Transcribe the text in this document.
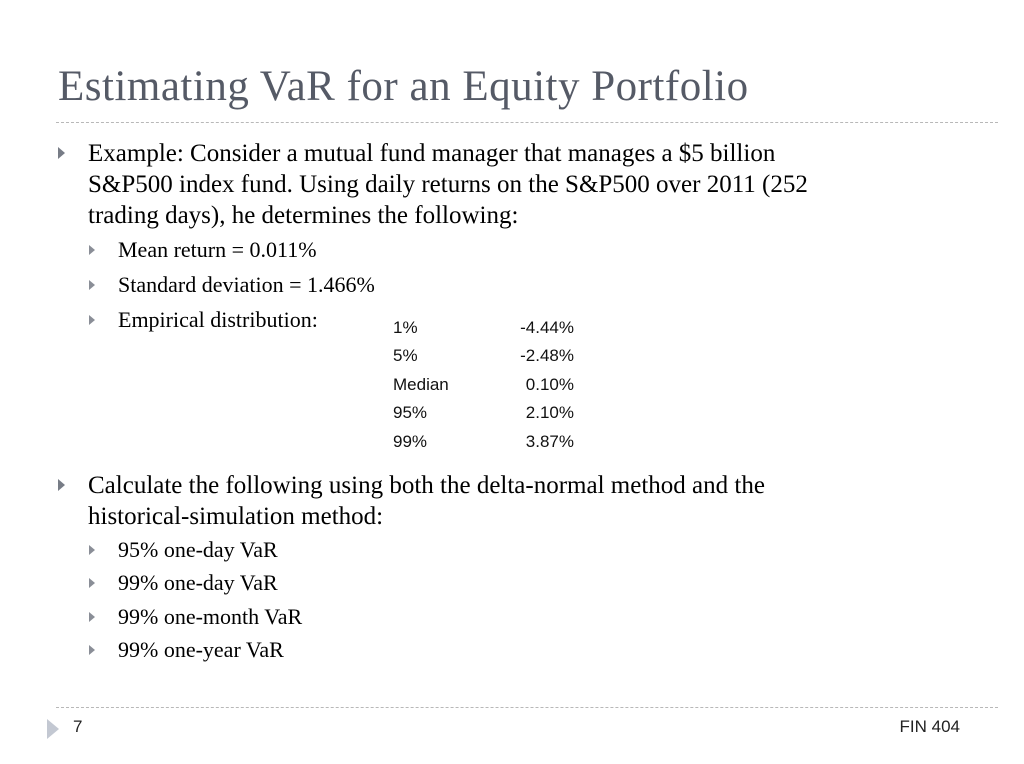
Estimating VaR for an Equity Portfolio
Example: Consider a mutual fund manager that manages a $5 billion
S&P500 index fund. Using daily returns on the S&P500 over 2011 (252
trading days), he determines the following:
Mean return = 0.011%
Standard deviation = 1.466%
Empirical distribution:	1%	-4.44%
5%	-2.48%
Median	0.10%
95%	2.10%
99%	3.87%
Calculate the following using both the delta-normal method and the
historical-simulation method:
95% one-day VaR
99% one-day VaR
99% one-month VaR
99% one-year VaR
7	FIN 404
